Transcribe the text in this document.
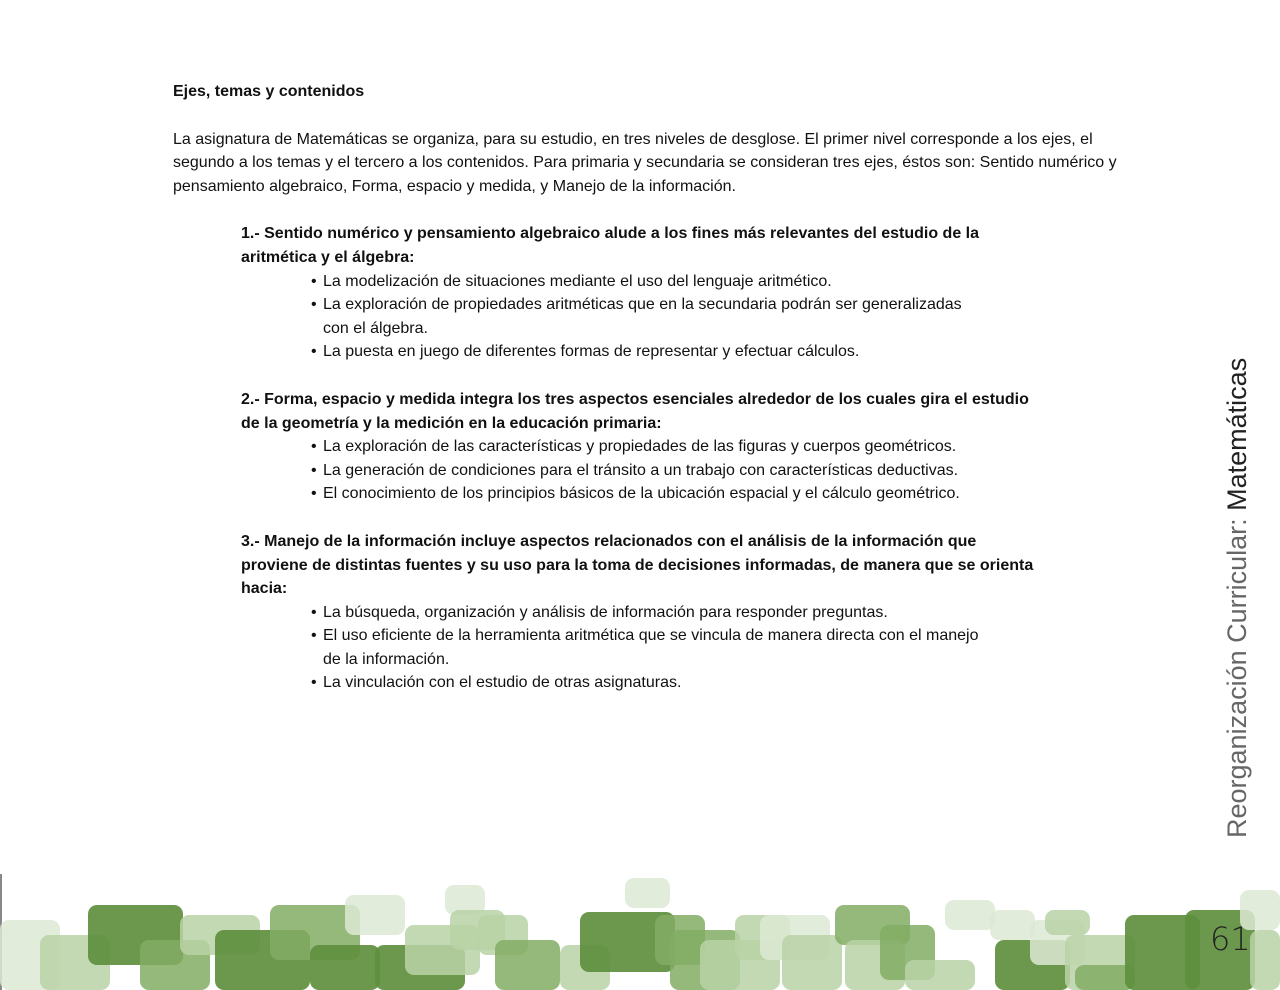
Ejes, temas y contenidos

La asignatura de Matemáticas se organiza, para su estudio, en tres niveles de desglose. El primer nivel corresponde a los ejes, el segundo a los temas y el tercero a los contenidos. Para primaria y secundaria se consideran tres ejes, éstos son: Sentido numérico y pensamiento algebraico, Forma, espacio y medida, y Manejo de la información.

1.- Sentido numérico y pensamiento algebraico alude a los fines más relevantes del estudio de la aritmética y el álgebra:
• La modelización de situaciones mediante el uso del lenguaje aritmético.
• La exploración de propiedades aritméticas que en la secundaria podrán ser generalizadas con el álgebra.
• La puesta en juego de diferentes formas de representar y efectuar cálculos.
2.- Forma, espacio y medida integra los tres aspectos esenciales alrededor de los cuales gira el estudio de la geometría y la medición en la educación primaria:
• La exploración de las características y propiedades de las figuras y cuerpos geométricos.
• La generación de condiciones para el tránsito a un trabajo con características deductivas.
• El conocimiento de los principios básicos de la ubicación espacial y el cálculo geométrico.
3.- Manejo de la información incluye aspectos relacionados con el análisis de la información que proviene de distintas fuentes y su uso para la toma de decisiones informadas, de manera que se orienta hacia:
• La búsqueda, organización y análisis de información para responder preguntas.
• El uso eficiente de la herramienta aritmética que se vincula de manera directa con el manejo de la información.
• La vinculación con el estudio de otras asignaturas.	Reorganización Curricular: Matemáticas
61
